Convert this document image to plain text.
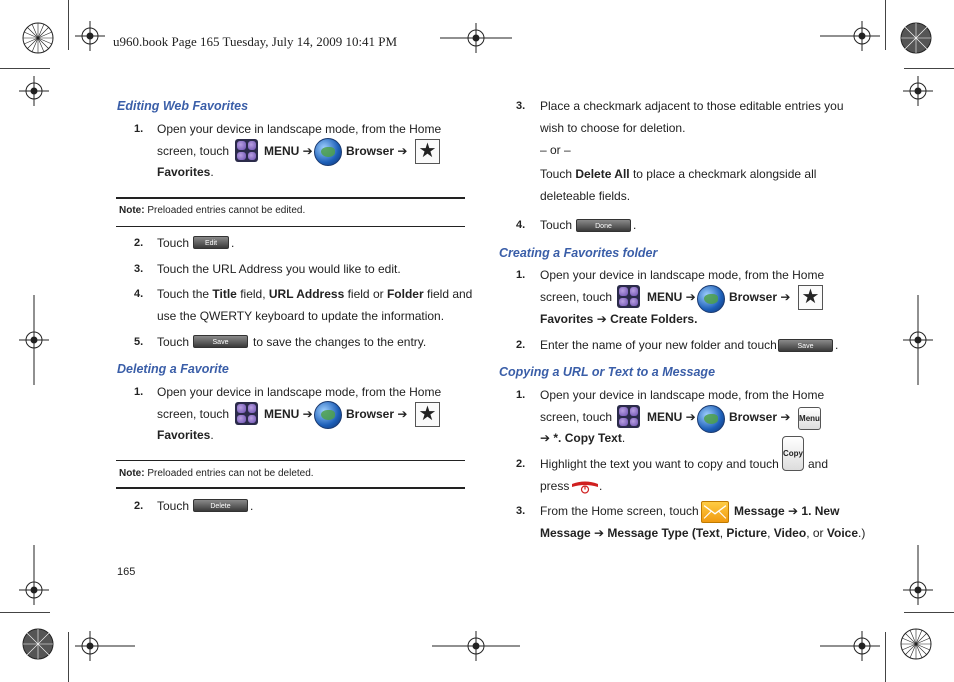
u960.book Page 165 Tuesday, July 14, 2009 10:41 PM
Editing Web Favorites
1. Open your device in landscape mode, from the Home
screen, touch	MENU ➔	Browser ➔ ★
Favorites.
Note: Preloaded entries cannot be edited.
2. Touch	Edit	.
3. Touch the URL Address you would like to edit.
4. Touch the Title field, URL Address field or Folder field and
use the QWERTY keyboard to update the information.
5. Touch	Save	to save the changes to the entry.
Deleting a Favorite
1. Open your device in landscape mode, from the Home
screen, touch	MENU ➔	Browser ➔ ★
Favorites.
Note: Preloaded entries can not be deleted.
2. Touch	Delete	.
3. Place a checkmark adjacent to those editable entries you
wish to choose for deletion.
– or –
Touch Delete All to place a checkmark alongside all
deleteable fields.
4. Touch	Done	.
Creating a Favorites folder
1. Open your device in landscape mode, from the Home
screen, touch	MENU ➔	Browser ➔ ★
Favorites ➔ Create Folders.
2. Enter the name of your new folder and touch	Save	.
Copying a URL or Text to a Message
1. Open your device in landscape mode, from the Home
screen, touch	MENU ➔	Browser ➔ Menu
➔ *. Copy Text.
2. Highlight the text you want to copy and touch
Copy
and
press .
3. From the Home screen, touch	Message ➔ 1. New
Message ➔ Message Type (Text, Picture, Video, or Voice.)
165
